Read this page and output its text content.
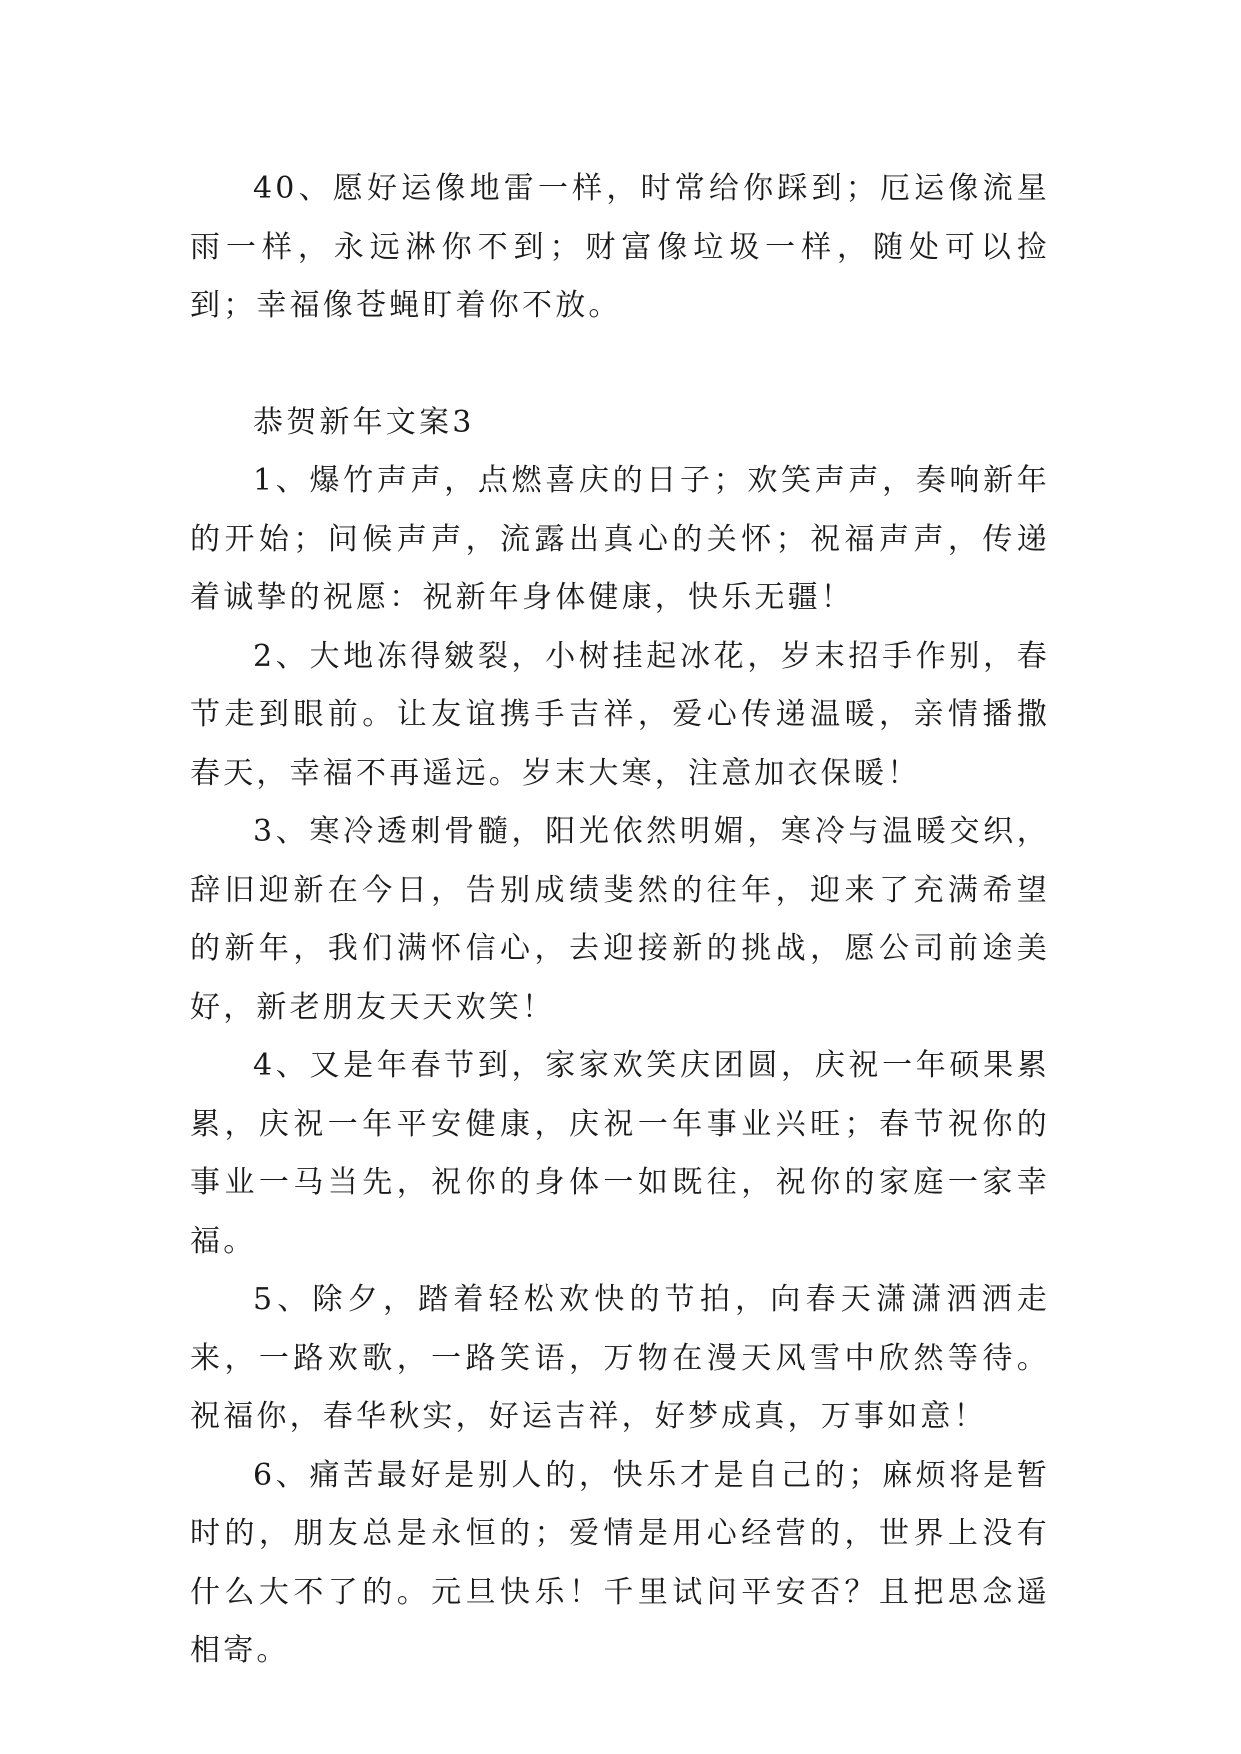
40、愿好运像地雷一样，时常给你踩到；厄运像流星雨一样，永远淋你不到；财富像垃圾一样，随处可以捡到；幸福像苍蝇盯着你不放。

恭贺新年文案3

1、爆竹声声，点燃喜庆的日子；欢笑声声，奏响新年的开始；问候声声，流露出真心的关怀；祝福声声，传递着诚挚的祝愿：祝新年身体健康，快乐无疆！

2、大地冻得皴裂，小树挂起冰花，岁末招手作别，春节走到眼前。让友谊携手吉祥，爱心传递温暖，亲情播撒春天，幸福不再遥远。岁末大寒，注意加衣保暖！

3、寒冷透刺骨髓，阳光依然明媚，寒冷与温暖交织，辞旧迎新在今日，告别成绩斐然的往年，迎来了充满希望的新年，我们满怀信心，去迎接新的挑战，愿公司前途美好，新老朋友天天欢笑！

4、又是年春节到，家家欢笑庆团圆，庆祝一年硕果累累，庆祝一年平安健康，庆祝一年事业兴旺；春节祝你的事业一马当先，祝你的身体一如既往，祝你的家庭一家幸福。

5、除夕，踏着轻松欢快的节拍，向春天潇潇洒洒走来，一路欢歌，一路笑语，万物在漫天风雪中欣然等待。祝福你，春华秋实，好运吉祥，好梦成真，万事如意！

6、痛苦最好是别人的，快乐才是自己的；麻烦将是暂时的，朋友总是永恒的；爱情是用心经营的，世界上没有什么大不了的。元旦快乐！千里试问平安否？且把思念遥相寄。
